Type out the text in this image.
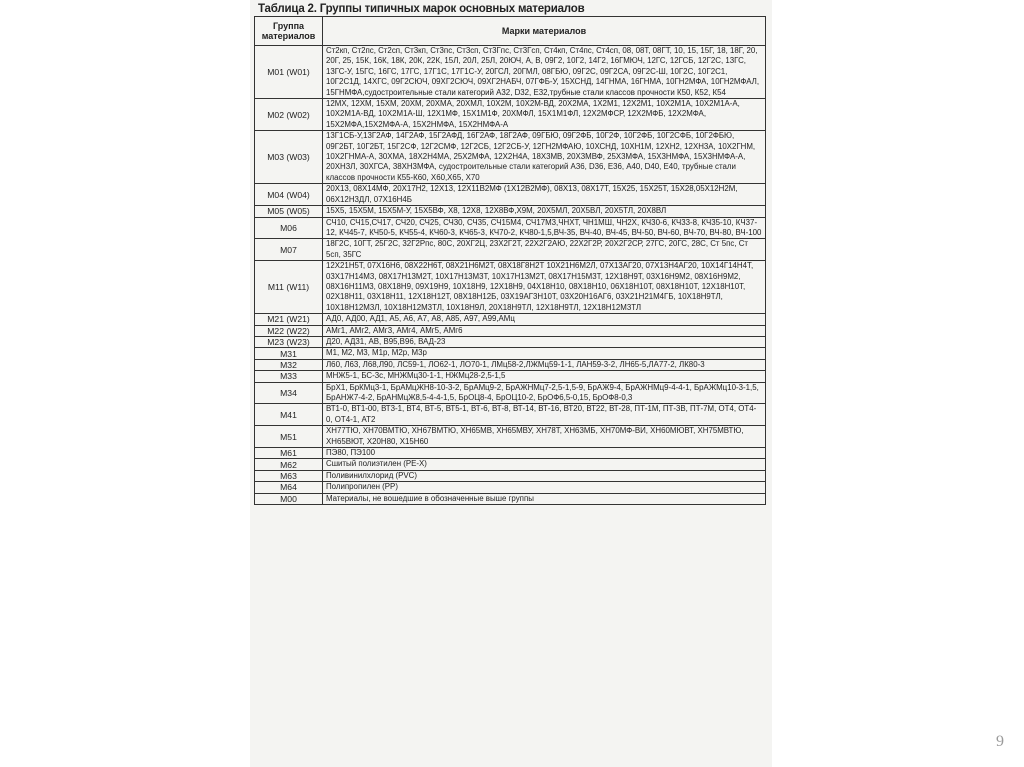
Таблица 2. Группы типичных марок основных материалов
Группа материалов	Марки материалов
M01 (W01)	Ст2кп, Ст2пс, Ст2сп, Ст3кп, Ст3пс, Ст3сп, Ст3Гпс, Ст3Гсп, Ст4кп, Ст4пс, Ст4сп, 08, 08Т, 08ГТ, 10, 15, 15Г, 18, 18Г, 20, 20Г, 25, 15К, 16К, 18К, 20К, 22К, 15Л, 20Л, 25Л, 20ЮЧ, А, В, 09Г2, 10Г2, 14Г2, 16ГМЮЧ, 12ГС, 12ГСБ, 12Г2С, 13ГС, 13ГС-У, 15ГС, 16ГС, 17ГС, 17Г1С, 17Г1С-У, 20ГСЛ, 20ГМЛ, 08ГБЮ, 09Г2С, 09Г2СА, 09Г2С-Ш, 10Г2С, 10Г2С1, 10Г2С1Д, 14ХГС, 09Г2СЮЧ, 09ХГ2СЮЧ, 09ХГ2НАБЧ, 07ГФБ-У, 15ХСНД, 14ГНМА, 16ГНМА, 10ГН2МФА, 10ГН2МФАЛ, 15ГНМФА,судостроительные стали категорий А32, D32, Е32,трубные стали классов прочности К50, К52, К54
M02 (W02)	12МХ, 12ХМ, 15ХМ, 20ХМ, 20ХМА, 20ХМЛ, 10Х2М, 10Х2М-ВД, 20Х2МА, 1Х2М1, 12Х2М1, 10Х2М1А, 10Х2М1А-А, 10Х2М1А-ВД, 10Х2М1А-Ш, 12Х1МФ, 15Х1М1Ф, 20ХМФЛ, 15Х1М1ФЛ, 12Х2МФСР, 12Х2МФБ, 12Х2МФА, 15Х2МФА,15Х2МФА-А, 15Х2НМФА, 15Х2НМФА-А
M03 (W03)	13Г1СБ-У,13Г2АФ, 14Г2АФ, 15Г2АФД, 16Г2АФ, 18Г2АФ, 09ГБЮ, 09Г2ФБ, 10Г2Ф, 10Г2ФБ, 10Г2СФБ, 10Г2ФБЮ, 09Г2БТ, 10Г2БТ, 15Г2СФ, 12Г2СМФ, 12Г2СБ, 12Г2СБ-У, 12ГН2МФАЮ, 10ХСНД, 10ХН1М, 12ХН2, 12ХН3А, 10Х2ГНМ, 10Х2ГНМА-А, 30ХМА, 18Х2Н4МА, 25Х2МФА, 12Х2Н4А, 18Х3МВ, 20Х3МВФ, 25Х3МФА, 15Х3НМФА, 15Х3НМФА-А, 20ХН3Л, 30ХГСА, 38ХН3МФА, судостроительные стали категорий А36, D36, Е36, А40, D40, Е40, трубные стали классов прочности К55-К60, Х60,Х65, Х70
M04 (W04)	20Х13, 08Х14МФ, 20Х17Н2, 12Х13, 12Х11В2МФ (1Х12В2МФ), 08Х13, 08Х17Т, 15Х25, 15Х25Т, 15Х28,05Х12Н2М, 06Х12Н3ДЛ, 07Х16Н4Б
M05 (W05)	15Х5, 15Х5М, 15Х5М-У, 15Х5ВФ, Х8, 12Х8, 12Х8ВФ,Х9М, 20Х5МЛ, 20Х5ВЛ, 20Х5ТЛ, 20Х8ВЛ
M06	СЧ10, СЧ15,СЧ17, СЧ20, СЧ25, СЧ30, СЧ35, СЧ15М4, СЧ17М3,ЧНХТ, ЧН1МШ, ЧН2Х, КЧ30-6, КЧ33-8, КЧ35-10, КЧ37-12, КЧ45-7, КЧ50-5, КЧ55-4, КЧ60-3, КЧ65-3, КЧ70-2, КЧ80-1,5,ВЧ-35, ВЧ-40, ВЧ-45, ВЧ-50, ВЧ-60, ВЧ-70, ВЧ-80, ВЧ-100
M07	18Г2С, 10ГТ, 25Г2С, 32Г2Рпс, 80С, 20ХГ2Ц, 23Х2Г2Т, 22Х2Г2АЮ, 22Х2Г2Р, 20Х2Г2СР, 27ГС, 20ГС, 28С, Ст 5пс, Ст 5сп, 35ГС
M11 (W11)	12Х21Н5Т, 07Х16Н6, 08Х22Н6Т, 08Х21Н6М2Т, 08Х18Г8Н2Т 10Х21Н6М2Л, 07Х13АГ20, 07Х13Н4АГ20, 10Х14Г14Н4Т, 03Х17Н14М3, 08Х17Н13М2Т, 10Х17Н13М3Т, 10Х17Н13М2Т, 08Х17Н15М3Т, 12Х18Н9Т, 03Х16Н9М2, 08Х16Н9М2, 08Х16Н11М3, 08Х18Н9, 09Х19Н9, 10Х18Н9, 12Х18Н9, 04Х18Н10, 08Х18Н10, 06Х18Н10Т, 08Х18Н10Т, 12Х18Н10Т, 02Х18Н11, 03Х18Н11, 12Х18Н12Т, 08Х18Н12Б, 03Х19АГ3Н10Т, 03Х20Н16АГ6, 03Х21Н21М4ГБ, 10Х18Н9ТЛ, 10Х18Н12М3Л, 10Х18Н12М3ТЛ, 10Х18Н9Л, 20Х18Н9ТЛ, 12Х18Н9ТЛ, 12Х18Н12М3ТЛ
M21 (W21)	АД0, АД00, АД1, А5, А6, А7, А8, А85, А97, А99,АМц
M22 (W22)	АМг1, АМг2, АМг3, АМг4, АМг5, АМг6
M23 (W23)	Д20, АД31, АВ, В95,В96, ВАД-23
M31	М1, М2, М3, М1р, М2р, М3р
M32	Л60, Л63, Л68,Л90, ЛС59-1, ЛО62-1, ЛО70-1, ЛМц58-2,ЛЖМц59-1-1, ЛАН59-3-2, ЛН65-5,ЛА77-2, ЛК80-3
M33	МНЖ5-1, БС-3с, МНЖМц30-1-1, НЖМц28-2,5-1,5
M34	БрХ1, БрКМц3-1, БрАМцЖН8-10-3-2, БрАМц9-2, БрАЖНМц7-2,5-1,5-9, БрАЖ9-4, БрАЖНМц9-4-4-1, БрАЖМц10-3-1,5, БрАНЖ7-4-2, БрАНМцЖ8,5-4-4-1,5, БрОЦ8-4, БрОЦ10-2, БрОФ6,5-0,15, БрОФ8-0,3
M41	ВТ1-0, ВТ1-00, ВТ3-1, ВТ4, ВТ-5, ВТ5-1, ВТ-6, ВТ-8, ВТ-14, ВТ-16, ВТ20, ВТ22, ВТ-28, ПТ-1М, ПТ-3В, ПТ-7М, ОТ4, ОТ4-0, ОТ4-1, АТ2
M51	ХН77ТЮ, ХН70ВМТЮ, ХН67ВМТЮ, ХН65МВ, ХН65МВУ, ХН78Т, ХН63МБ, ХН70МФ-ВИ, ХН60МЮВТ, ХН75МВТЮ, ХН65ВЮТ, Х20Н80, Х15Н60
M61	ПЭ80, ПЭ100
M62	Сшитый полиэтилен (PE-X)
M63	Поливинилхлорид (PVC)
M64	Полипропилен (PP)
M00	Материалы, не вошедшие в обозначенные выше группы
9
